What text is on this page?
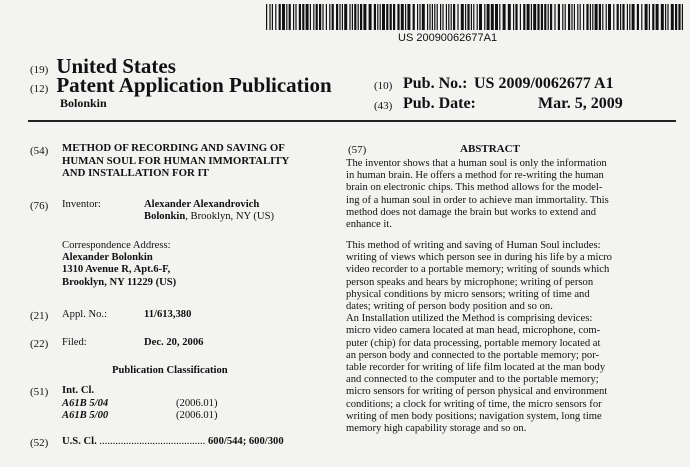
US 20090062677A1
(19) United States
(12) Patent Application Publication
Bolonkin
(10) Pub. No.: US 2009/0062677 A1
(43) Pub. Date:	Mar. 5, 2009
(54) METHOD OF RECORDING AND SAVING OF
HUMAN SOUL FOR HUMAN IMMORTALITY
AND INSTALLATION FOR IT
(76) Inventor:	Alexander Alexandrovich
Bolonkin, Brooklyn, NY (US)
Correspondence Address:
Alexander Bolonkin
1310 Avenue R, Apt.6-F,
Brooklyn, NY 11229 (US)
(21) Appl. No.:	11/613,380
(22) Filed:	Dec. 20, 2006
Publication Classification
(51) Int. Cl.
A61B 5/04	(2006.01)
A61B 5/00	(2006.01)
(52) U.S. Cl. ........................................ 600/544; 600/300
(57)	ABSTRACT
The inventor shows that a human soul is only the information
in human brain. He offers a method for re-writing the human
brain on electronic chips. This method allows for the model-
ing of a human soul in order to achieve man immortality. This
method does not damage the brain but works to extend and
enhance it.
This method of writing and saving of Human Soul includes:
writing of views which person see in during his life by a micro
video recorder to a portable memory; writing of sounds which
person speaks and hears by microphone; writing of person
physical conditions by micro sensors; writing of time and
dates; writing of person body position and so on.
An Installation utilized the Method is comprising devices:
micro video camera located at man head, microphone, com-
puter (chip) for data processing, portable memory located at
an person body and connected to the portable memory; por-
table recorder for writing of life film located at the man body
and connected to the computer and to the portable memory;
micro sensors for writing of person physical and environment
conditions; a clock for writing of time, the micro sensors for
writing of men body positions; navigation system, long time
memory high capability storage and so on.
